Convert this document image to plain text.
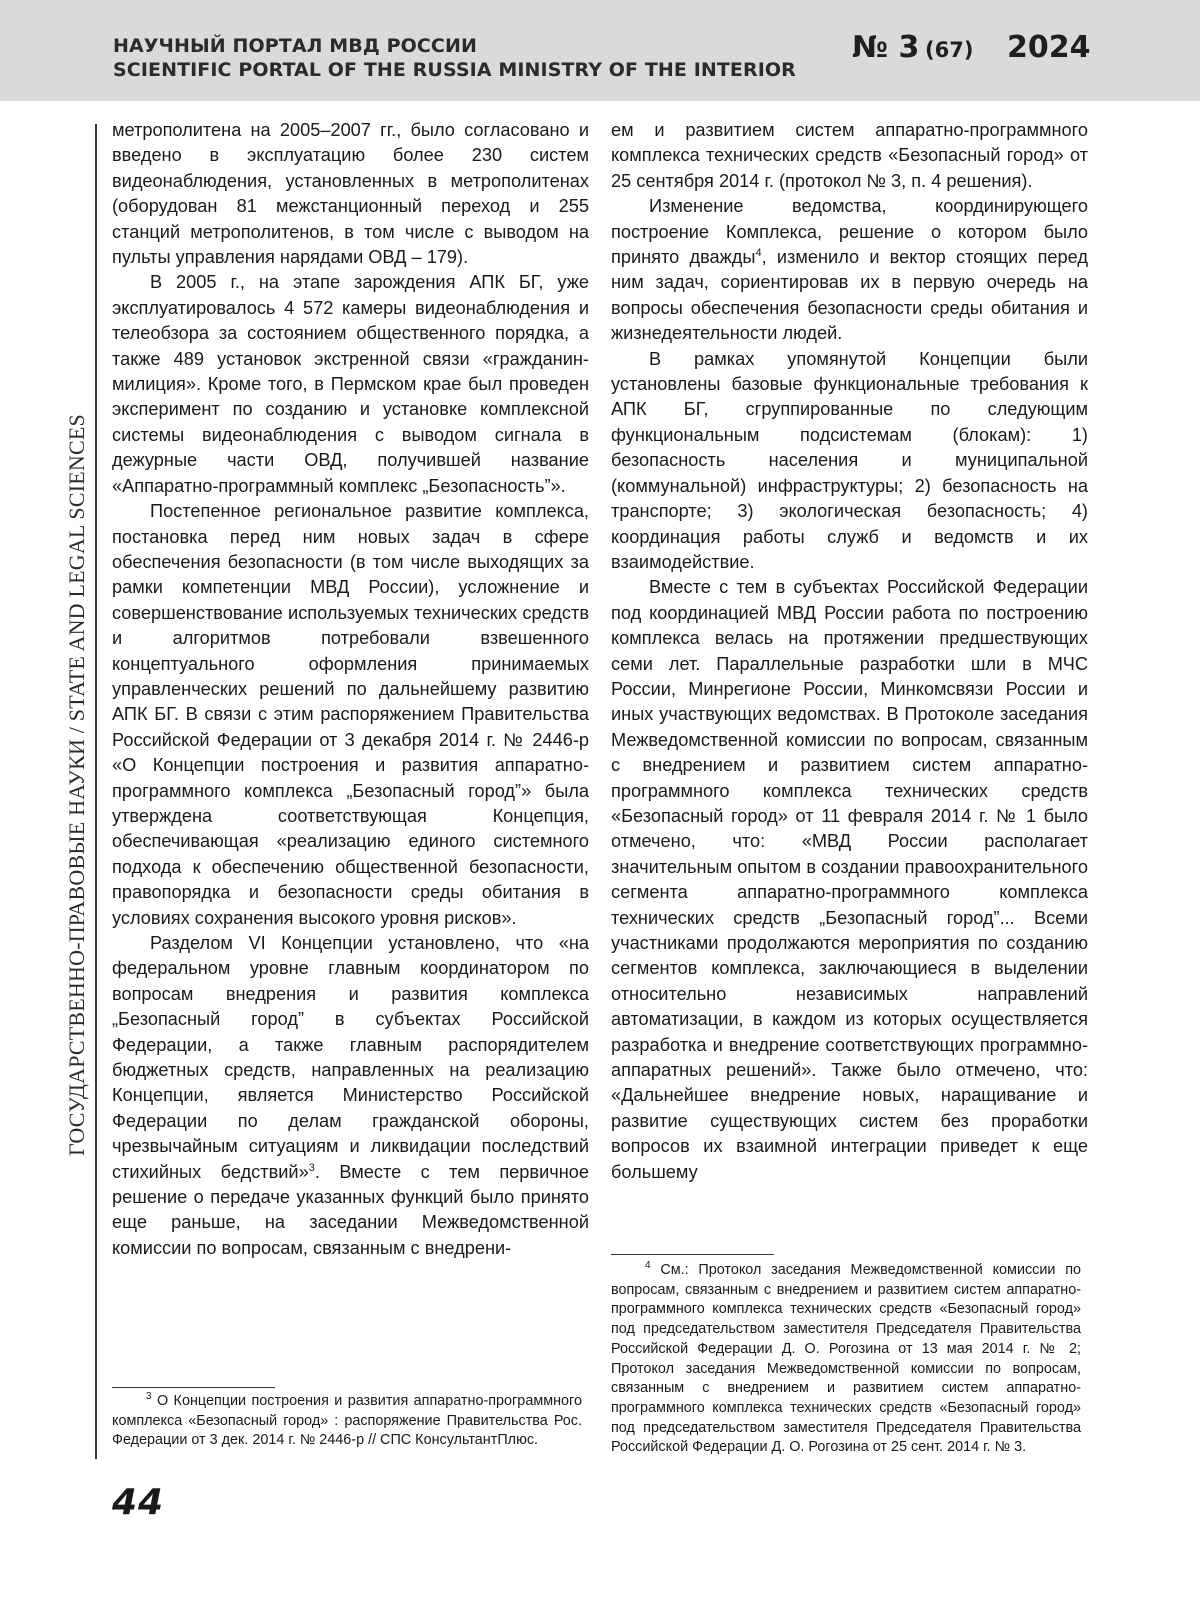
НАУЧНЫЙ ПОРТАЛ МВД РОССИИ
SCIENTIFIC PORTAL OF THE RUSSIA MINISTRY OF THE INTERIOR
№ 3 (67) 2024
ГОСУДАРСТВЕННО-ПРАВОВЫЕ НАУКИ / STATE AND LEGAL SCIENCES

метрополитена на 2005–2007 гг., было согласовано и введено в эксплуатацию более 230 систем видеонаблюдения, установленных в метрополитенах (оборудован 81 межстанционный переход и 255 станций метрополитенов, в том числе с выводом на пульты управления нарядами ОВД – 179).

В 2005 г., на этапе зарождения АПК БГ, уже эксплуатировалось 4 572 камеры видеонаблюдения и телеобзора за состоянием общественного порядка, а также 489 установок экстренной связи «гражданин-милиция». Кроме того, в Пермском крае был проведен эксперимент по созданию и установке комплексной системы видеонаблюдения с выводом сигнала в дежурные части ОВД, получившей название «Аппаратно-программный комплекс „Безопасность”».

Постепенное региональное развитие комплекса, постановка перед ним новых задач в сфере обеспечения безопасности (в том числе выходящих за рамки компетенции МВД России), усложнение и совершенствование используемых технических средств и алгоритмов потребовали взвешенного концептуального оформления принимаемых управленческих решений по дальнейшему развитию АПК БГ. В связи с этим распоряжением Правительства Российской Федерации от 3 декабря 2014 г. № 2446-р «О Концепции построения и развития аппаратно-программного комплекса „Безопасный город”» была утверждена соответствующая Концепция, обеспечивающая «реализацию единого системного подхода к обеспечению общественной безопасности, правопорядка и безопасности среды обитания в условиях сохранения высокого уровня рисков».

Разделом VI Концепции установлено, что «на федеральном уровне главным координатором по вопросам внедрения и развития комплекса „Безопасный город” в субъектах Российской Федерации, а также главным распорядителем бюджетных средств, направленных на реализацию Концепции, является Министерство Российской Федерации по делам гражданской обороны, чрезвычайным ситуациям и ликвидации последствий стихийных бедствий»$^3$. Вместе с тем первичное решение о передаче указанных функций было принято еще раньше, на заседании Межведомственной комиссии по вопросам, связанным с внедрени-

ем и развитием систем аппаратно-программного комплекса технических средств «Безопасный город» от 25 сентября 2014 г. (протокол № 3, п. 4 решения).

Изменение ведомства, координирующего построение Комплекса, решение о котором было принято дважды$^4$, изменило и вектор стоящих перед ним задач, сориентировав их в первую очередь на вопросы обеспечения безопасности среды обитания и жизнедеятельности людей.

В рамках упомянутой Концепции были установлены базовые функциональные требования к АПК БГ, сгруппированные по следующим функциональным подсистемам (блокам): 1) безопасность населения и муниципальной (коммунальной) инфраструктуры; 2) безопасность на транспорте; 3) экологическая безопасность; 4) координация работы служб и ведомств и их взаимодействие.

Вместе с тем в субъектах Российской Федерации под координацией МВД России работа по построению комплекса велась на протяжении предшествующих семи лет. Параллельные разработки шли в МЧС России, Минрегионе России, Минкомсвязи России и иных участвующих ведомствах. В Протоколе заседания Межведомственной комиссии по вопросам, связанным с внедрением и развитием систем аппаратно-программного комплекса технических средств «Безопасный город» от 11 февраля 2014 г. № 1 было отмечено, что: «МВД России располагает значительным опытом в создании правоохранительного сегмента аппаратно-программного комплекса технических средств „Безопасный город”... Всеми участниками продолжаются мероприятия по созданию сегментов комплекса, заключающиеся в выделении относительно независимых направлений автоматизации, в каждом из которых осуществляется разработка и внедрение соответствующих программно-аппаратных решений». Также было отмечено, что: «Дальнейшее внедрение новых, наращивание и развитие существующих систем без проработки вопросов их взаимной интеграции приведет к еще большему

$^3$ О Концепции построения и развития аппаратно-программного комплекса «Безопасный город» : распоряжение Правительства Рос. Федерации от 3 дек. 2014 г. № 2446-р // СПС КонсультантПлюс.

$^4$ См.: Протокол заседания Межведомственной комиссии по вопросам, связанным с внедрением и развитием систем аппаратно-программного комплекса технических средств «Безопасный город» под председательством заместителя Председателя Правительства Российской Федерации Д. О. Рогозина от 13 мая 2014 г. № 2; Протокол заседания Межведомственной комиссии по вопросам, связанным с внедрением и развитием систем аппаратно-программного комплекса технических средств «Безопасный город» под председательством заместителя Председателя Правительства Российской Федерации Д. О. Рогозина от 25 сент. 2014 г. № 3.

44
